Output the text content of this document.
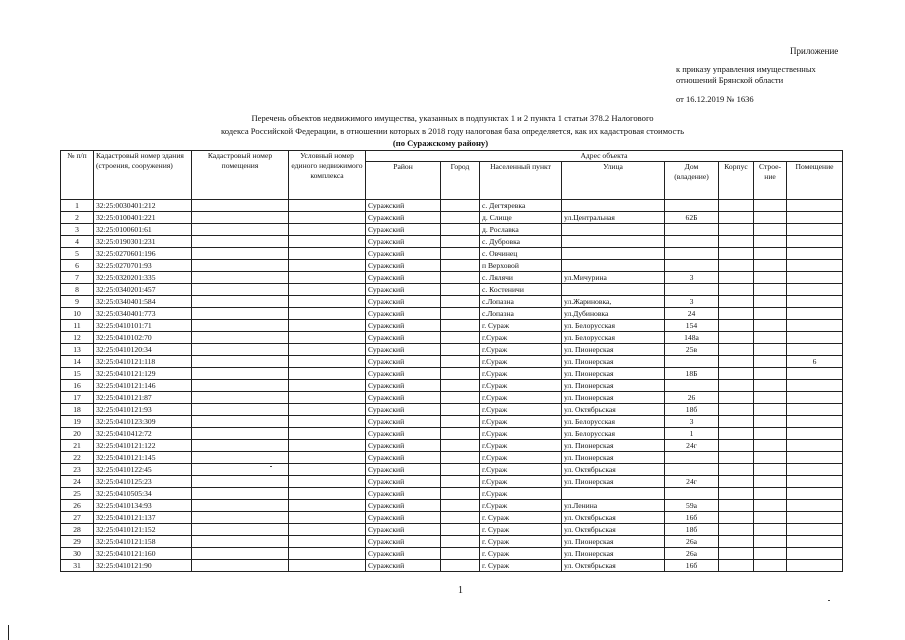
Приложение
к приказу управления имущественных
отношений Брянской области
от 16.12.2019 № 1636
Перечень объектов недвижимого имущества, указанных в подпунктах 1 и 2 пункта 1 статьи 378.2 Налогового
кодекса Российской Федерации, в отношении которых в 2018 году налоговая база определяется, как их кадастровая стоимость
(по Суражскому району)
№ п/п	Кадастровый номер здания (строения, сооружения)	Кадастровый номер помещения	Условный номер единого недвижимого комплекса	Адрес объекта							
				Район	Город	Населенный пункт	Улица	Дом (владение)	Корпус	Строе-ние	Помещение
1	32:25:0030401:212			Суражский		с. Дегтяревка					
2	32:25:0100401:221			Суражский		д. Слище	ул.Центральная	62Б			
3	32:25:0100601:61			Суражский		д. Рославка					
4	32:25:0190301:231			Суражский		с. Дубровка					
5	32:25:0270601:196			Суражский		с. Овчинец					
6	32:25:0270701:93			Суражский		п Верховой					
7	32:25:0320201:335			Суражский		с. Лялячи	ул.Мичурина	3			
8	32:25:0340201:457			Суражский		с. Костеничи					
9	32:25:0340401:584			Суражский		с.Лопазна	ул.Жариновка,	3			
10	32:25:0340401:773			Суражский		с.Лопазна	ул.Дубиновка	24			
11	32:25:0410101:71			Суражский		г. Сураж	ул. Белорусская	154			
12	32:25:0410102:70			Суражский		г.Сураж	ул. Белорусская	148а			
13	32:25:0410120:34			Суражский		г.Сураж	ул. Пионерская	25в			
14	32:25:0410121:118			Суражский		г.Сураж	ул. Пионерская				6
15	32:25:0410121:129			Суражский		г.Сураж	ул. Пионерская	18Б			
16	32:25:0410121:146			Суражский		г.Сураж	ул. Пионерская				
17	32:25:0410121:87			Суражский		г.Сураж	ул. Пионерская	26			
18	32:25:0410121:93			Суражский		г.Сураж	ул. Октябрьская	18б			
19	32:25:0410123:309			Суражский		г.Сураж	ул. Белорусская	3			
20	32:25:0410412:72			Суражский		г.Сураж	ул. Белорусская	1			
21	32:25:0410121:122			Суражский		г.Сураж	ул. Пионерская	24г			
22	32:25:0410121:145			Суражский		г.Сураж	ул. Пионерская				
23	32:25:0410122:45			Суражский		г.Сураж	ул. Октябрьская				
24	32:25:0410125:23			Суражский		г.Сураж	ул. Пионерская	24г			
25	32:25:0410505:34			Суражский		г.Сураж					
26	32:25:0410134:93			Суражский		г.Сураж	ул.Ленина	59а			
27	32:25:0410121:137			Суражский		г. Сураж	ул. Октябрьская	16б			
28	32:25:0410121:152			Суражский		г. Сураж	ул. Октябрьская	18б			
29	32:25:0410121:158			Суражский		г. Сураж	ул. Пионерская	26а			
30	32:25:0410121:160			Суражский		г. Сураж	ул. Пионерская	26а			
31	32:25:0410121:90			Суражский		г. Сураж	ул. Октябрьская	16б			
1
